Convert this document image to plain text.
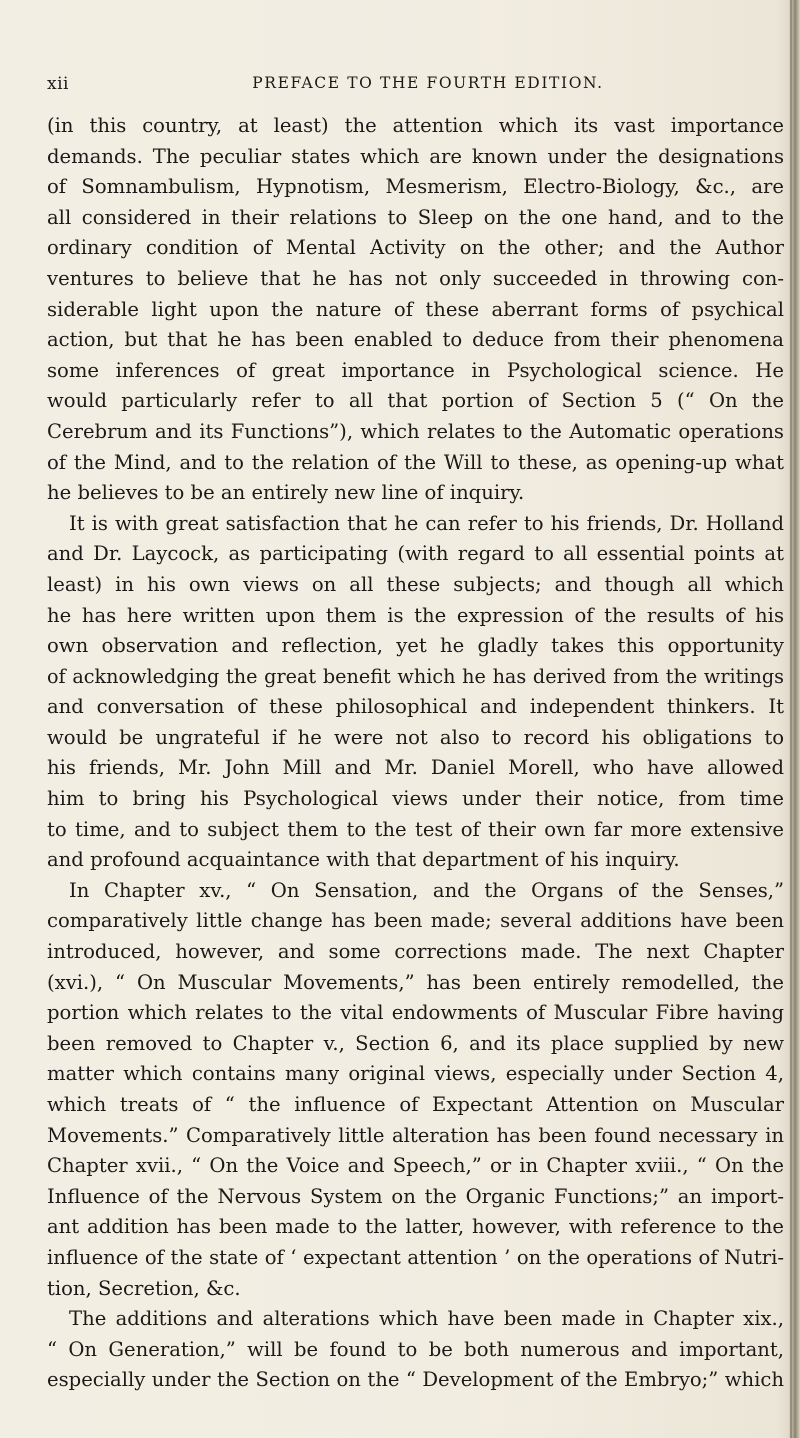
xii	PREFACE TO THE FOURTH EDITION.
(in this country, at least) the attention which its vast importance
demands. The peculiar states which are known under the designations
of Somnambulism, Hypnotism, Mesmerism, Electro-Biology, &c., are
all considered in their relations to Sleep on the one hand, and to the
ordinary condition of Mental Activity on the other; and the Author
ventures to believe that he has not only succeeded in throwing con-
siderable light upon the nature of these aberrant forms of psychical
action, but that he has been enabled to deduce from their phenomena
some inferences of great importance in Psychological science. He
would particularly refer to all that portion of Section 5 (“ On the
Cerebrum and its Functions”), which relates to the Automatic operations
of the Mind, and to the relation of the Will to these, as opening-up what
he believes to be an entirely new line of inquiry.
It is with great satisfaction that he can refer to his friends, Dr. Holland
and Dr. Laycock, as participating (with regard to all essential points at
least) in his own views on all these subjects; and though all which
he has here written upon them is the expression of the results of his
own observation and reflection, yet he gladly takes this opportunity
of acknowledging the great benefit which he has derived from the writings
and conversation of these philosophical and independent thinkers. It
would be ungrateful if he were not also to record his obligations to
his friends, Mr. John Mill and Mr. Daniel Morell, who have allowed
him to bring his Psychological views under their notice, from time
to time, and to subject them to the test of their own far more extensive
and profound acquaintance with that department of his inquiry.
In Chapter xv., “ On Sensation, and the Organs of the Senses,”
comparatively little change has been made; several additions have been
introduced, however, and some corrections made. The next Chapter
(xvi.), “ On Muscular Movements,” has been entirely remodelled, the
portion which relates to the vital endowments of Muscular Fibre having
been removed to Chapter v., Section 6, and its place supplied by new
matter which contains many original views, especially under Section 4,
which treats of “ the influence of Expectant Attention on Muscular
Movements.” Comparatively little alteration has been found necessary in
Chapter xvii., “ On the Voice and Speech,” or in Chapter xviii., “ On the
Influence of the Nervous System on the Organic Functions;” an import-
ant addition has been made to the latter, however, with reference to the
influence of the state of ‘ expectant attention ’ on the operations of Nutri-
tion, Secretion, &c.
The additions and alterations which have been made in Chapter xix.,
“ On Generation,” will be found to be both numerous and important,
especially under the Section on the “ Development of the Embryo;” which
